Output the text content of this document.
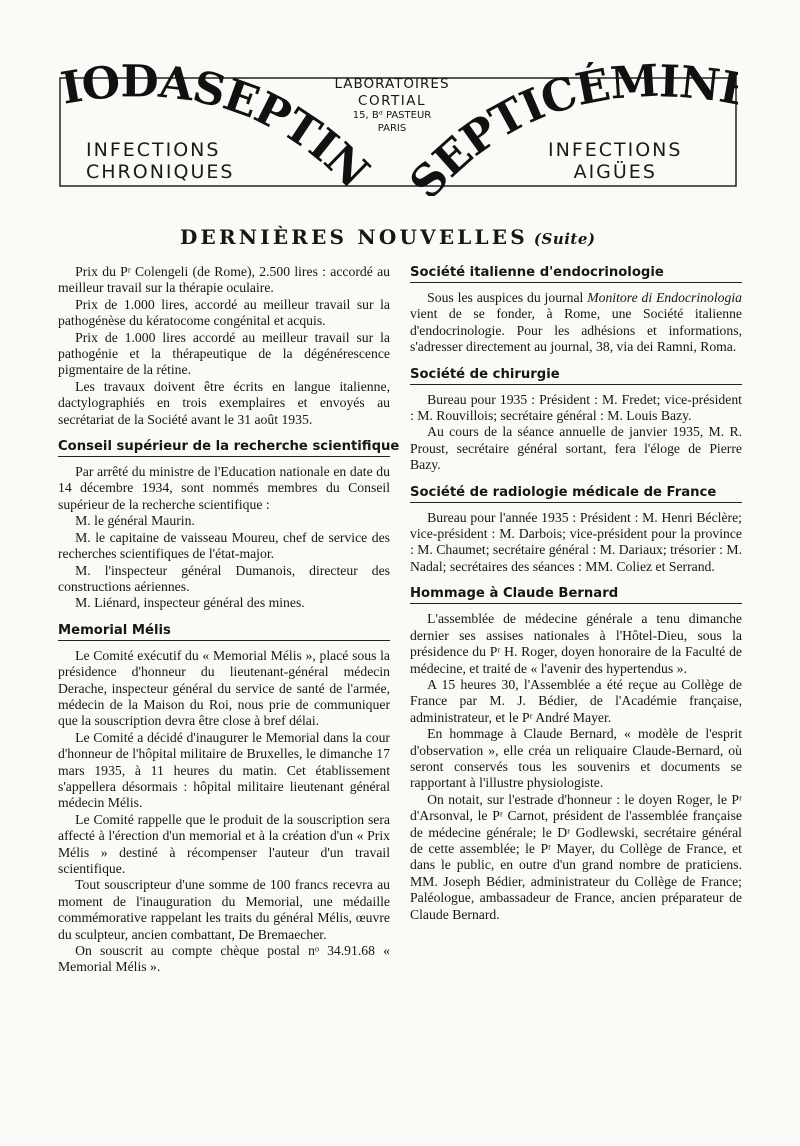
IODASEPTIN SEPTICÉMIN
LABORATOIRES
CORTIAL
15, Bᵈ PASTEUR
PARIS
INFECTIONS
CHRONIQUES
INFECTIONS
AIGÜES
DERNIÈRES NOUVELLES (Suite)

Prix du Pʳ Colengeli (de Rome), 2.500 lires : accordé au meilleur travail sur la thérapie oculaire.

Prix de 1.000 lires, accordé au meilleur travail sur la pathogénèse du kératocome congénital et acquis.

Prix de 1.000 lires accordé au meilleur travail sur la pathogénie et la thérapeutique de la dégénérescence pigmentaire de la rétine.

Les travaux doivent être écrits en langue italienne, dactylographiés en trois exemplaires et envoyés au secrétariat de la Société avant le 31 août 1935.

Conseil supérieur de la recherche scientifique

Par arrêté du ministre de l'Education nationale en date du 14 décembre 1934, sont nommés membres du Conseil supérieur de la recherche scientifique :

M. le général Maurin.

M. le capitaine de vaisseau Moureu, chef de service des recherches scientifiques de l'état-major.

M. l'inspecteur général Dumanois, directeur des constructions aériennes.

M. Liénard, inspecteur général des mines.

Memorial Mélis

Le Comité exécutif du « Memorial Mélis », placé sous la présidence d'honneur du lieutenant-général médecin Derache, inspecteur général du service de santé de l'armée, médecin de la Maison du Roi, nous prie de communiquer que la souscription devra être close à bref délai.

Le Comité a décidé d'inaugurer le Memorial dans la cour d'honneur de l'hôpital militaire de Bruxelles, le dimanche 17 mars 1935, à 11 heures du matin. Cet établissement s'appellera désormais : hôpital militaire lieutenant général médecin Mélis.

Le Comité rappelle que le produit de la souscription sera affecté à l'érection d'un memorial et à la création d'un « Prix Mélis » destiné à récompenser l'auteur d'un travail scientifique.

Tout souscripteur d'une somme de 100 francs recevra au moment de l'inauguration du Memorial, une médaille commémorative rappelant les traits du général Mélis, œuvre du sculpteur, ancien combattant, De Bremaecher.

On souscrit au compte chèque postal nᵒ 34.91.68 « Memorial Mélis ».

Société italienne d'endocrinologie

Sous les auspices du journal Monitore di Endocrinologia vient de se fonder, à Rome, une Société italienne d'endocrinologie. Pour les adhésions et informations, s'adresser directement au journal, 38, via dei Ramni, Roma.

Société de chirurgie

Bureau pour 1935 : Président : M. Fredet; vice-président : M. Rouvillois; secrétaire général : M. Louis Bazy.

Au cours de la séance annuelle de janvier 1935, M. R. Proust, secrétaire général sortant, fera l'éloge de Pierre Bazy.

Société de radiologie médicale de France

Bureau pour l'année 1935 : Président : M. Henri Béclère; vice-président : M. Darbois; vice-président pour la province : M. Chaumet; secrétaire général : M. Dariaux; trésorier : M. Nadal; secrétaires des séances : MM. Coliez et Serrand.

Hommage à Claude Bernard

L'assemblée de médecine générale a tenu dimanche dernier ses assises nationales à l'Hôtel-Dieu, sous la présidence du Pʳ H. Roger, doyen honoraire de la Faculté de médecine, et traité de « l'avenir des hypertendus ».

A 15 heures 30, l'Assemblée a été reçue au Collège de France par M. J. Bédier, de l'Académie française, administrateur, et le Pʳ André Mayer.

En hommage à Claude Bernard, « modèle de l'esprit d'observation », elle créa un reliquaire Claude-Bernard, où seront conservés tous les souvenirs et documents se rapportant à l'illustre physiologiste.

On notait, sur l'estrade d'honneur : le doyen Roger, le Pʳ d'Arsonval, le Pʳ Carnot, président de l'assemblée française de médecine générale; le Dʳ Godlewski, secrétaire général de cette assemblée; le Pʳ Mayer, du Collège de France, et dans le public, en outre d'un grand nombre de praticiens. MM. Joseph Bédier, administrateur du Collège de France; Paléologue, ambassadeur de France, ancien préparateur de Claude Bernard.
